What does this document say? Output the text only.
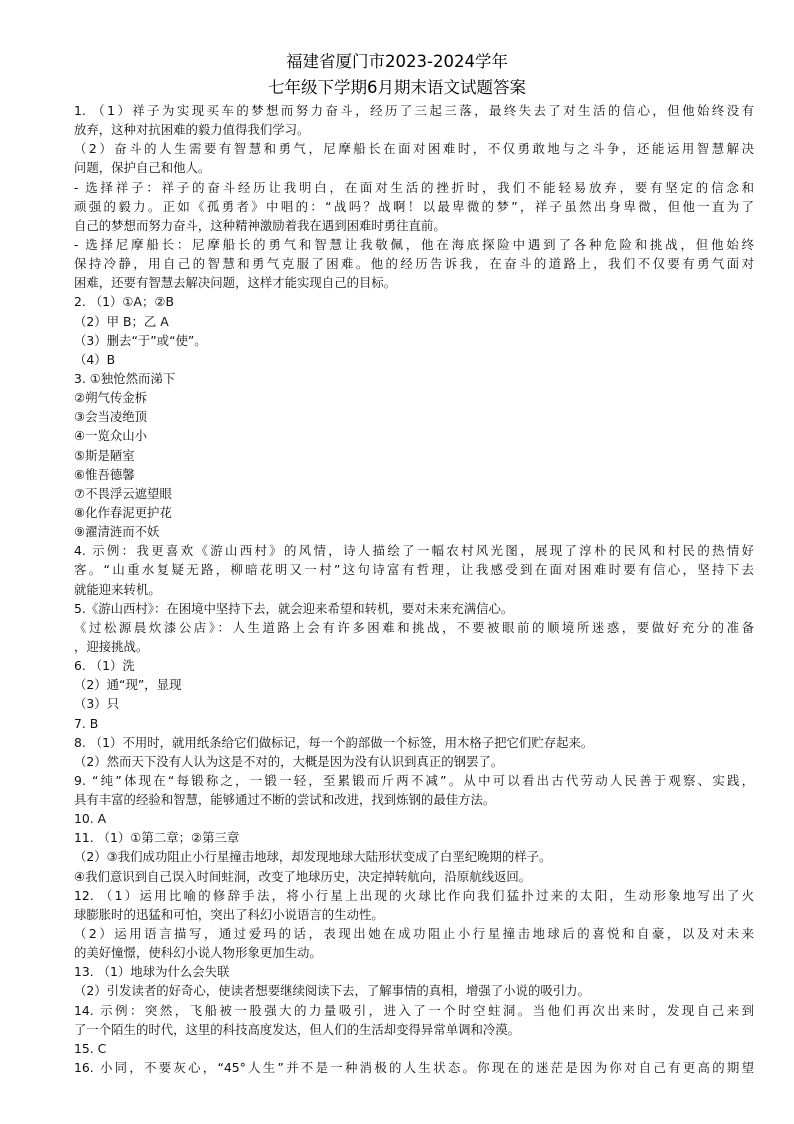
福建省厦门市2023-2024学年
七年级下学期6月期末语文试题答案
1. （1）祥子为实现买车的梦想而努力奋斗，经历了三起三落，最终失去了对生活的信心，但他始终没有
放弃，这种对抗困难的毅力值得我们学习。
（2）奋斗的人生需要有智慧和勇气，尼摩船长在面对困难时，不仅勇敢地与之斗争，还能运用智慧解决
问题，保护自己和他人。
- 选择祥子：祥子的奋斗经历让我明白，在面对生活的挫折时，我们不能轻易放弃，要有坚定的信念和
顽强的毅力。正如《孤勇者》中唱的：“战吗？战啊！以最卑微的梦”，祥子虽然出身卑微，但他一直为了
自己的梦想而努力奋斗，这种精神激励着我在遇到困难时勇往直前。
- 选择尼摩船长：尼摩船长的勇气和智慧让我敬佩，他在海底探险中遇到了各种危险和挑战，但他始终
保持冷静，用自己的智慧和勇气克服了困难。他的经历告诉我，在奋斗的道路上，我们不仅要有勇气面对
困难，还要有智慧去解决问题，这样才能实现自己的目标。
2. （1）①A；②B
（2）甲 B；乙 A
（3）删去“于”或“使”。
（4）B
3. ①独怆然而涕下
②朔气传金柝
③会当凌绝顶
④一览众山小
⑤斯是陋室
⑥惟吾德馨
⑦不畏浮云遮望眼
⑧化作春泥更护花
⑨濯清涟而不妖
4. 示例：我更喜欢《游山西村》的风情，诗人描绘了一幅农村风光图，展现了淳朴的民风和村民的热情好
客。“山重水复疑无路，柳暗花明又一村”这句诗富有哲理，让我感受到在面对困难时要有信心，坚持下去
就能迎来转机。
5.《游山西村》：在困境中坚持下去，就会迎来希望和转机，要对未来充满信心。
《过松源晨炊漆公店》：人生道路上会有许多困难和挑战，不要被眼前的顺境所迷惑，要做好充分的准备
，迎接挑战。
6. （1）洗
（2）通“现”，显现
（3）只
7. B
8. （1）不用时，就用纸条给它们做标记，每一个韵部做一个标签，用木格子把它们贮存起来。
（2）然而天下没有人认为这是不对的，大概是因为没有认识到真正的钢罢了。
9. “纯”体现在“每锻称之，一锻一轻，至累锻而斤两不减”。从中可以看出古代劳动人民善于观察、实践，
具有丰富的经验和智慧，能够通过不断的尝试和改进，找到炼钢的最佳方法。
10. A
11. （1）①第二章；②第三章
（2）③我们成功阻止小行星撞击地球，却发现地球大陆形状变成了白垩纪晚期的样子。
④我们意识到自己误入时间蛀洞，改变了地球历史，决定掉转航向，沿原航线返回。
12. （1）运用比喻的修辞手法，将小行星上出现的火球比作向我们猛扑过来的太阳，生动形象地写出了火
球膨胀时的迅猛和可怕，突出了科幻小说语言的生动性。
（2）运用语言描写，通过爱玛的话，表现出她在成功阻止小行星撞击地球后的喜悦和自豪，以及对未来
的美好憧憬，使科幻小说人物形象更加生动。
13. （1）地球为什么会失联
（2）引发读者的好奇心，使读者想要继续阅读下去，了解事情的真相，增强了小说的吸引力。
14. 示例：突然，飞船被一股强大的力量吸引，进入了一个时空蛀洞。当他们再次出来时，发现自己来到
了一个陌生的时代，这里的科技高度发达，但人们的生活却变得异常单调和冷漠。
15. C
16. 小同，不要灰心，“45°人生”并不是一种消极的人生状态。你现在的迷茫是因为你对自己有更高的期望
